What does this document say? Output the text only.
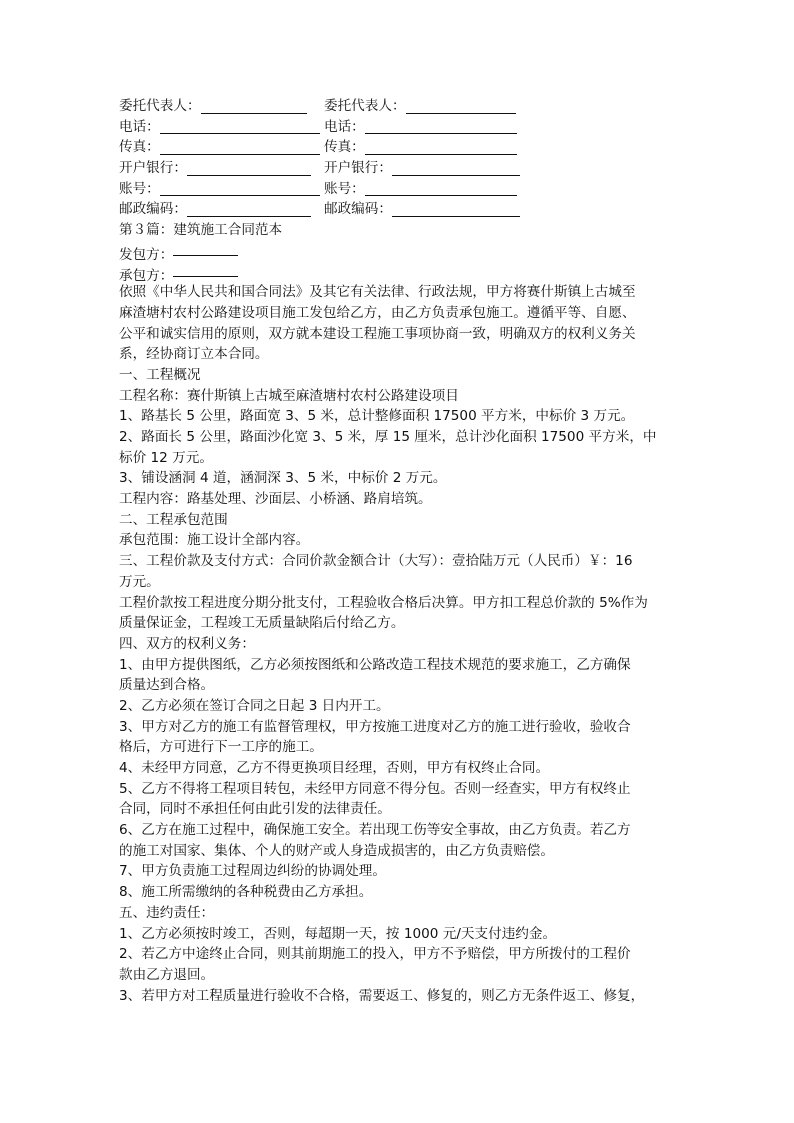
委托代表人：	委托代表人：
电话：	电话：
传真：	传真：
开户银行：	开户银行：
账号：	账号：
邮政编码：	邮政编码：
第３篇：建筑施工合同范本
发包方：
承包方：
依照《中华人民共和国合同法》及其它有关法律、行政法规，甲方将赛什斯镇上古城至
麻渣塘村农村公路建设项目施工发包给乙方，由乙方负责承包施工。遵循平等、自愿、
公平和诚实信用的原则，双方就本建设工程施工事项协商一致，明确双方的权利义务关
系，经协商订立本合同。
一、工程概况
工程名称：赛什斯镇上古城至麻渣塘村农村公路建设项目
1、路基长 5 公里，路面宽 3、5 米，总计整修面积 17500 平方米，中标价 3 万元。
2、路面长 5 公里，路面沙化宽 3、5 米，厚 15 厘米，总计沙化面积 17500 平方米，中
标价 12 万元。
3、铺设涵洞 4 道，涵洞深 3、5 米，中标价 2 万元。
工程内容：路基处理、沙面层、小桥涵、路肩培筑。
二、工程承包范围
承包范围：施工设计全部内容。
三、工程价款及支付方式：合同价款金额合计（大写）：壹拾陆万元（人民币）￥：16
万元。
工程价款按工程进度分期分批支付，工程验收合格后决算。甲方扣工程总价款的 5%作为
质量保证金，工程竣工无质量缺陷后付给乙方。
四、双方的权利义务：
1、由甲方提供图纸，乙方必须按图纸和公路改造工程技术规范的要求施工，乙方确保
质量达到合格。
2、乙方必须在签订合同之日起 3 日内开工。
3、甲方对乙方的施工有监督管理权，甲方按施工进度对乙方的施工进行验收，验收合
格后，方可进行下一工序的施工。
4、未经甲方同意，乙方不得更换项目经理，否则，甲方有权终止合同。
5、乙方不得将工程项目转包，未经甲方同意不得分包。否则一经查实，甲方有权终止
合同，同时不承担任何由此引发的法律责任。
6、乙方在施工过程中，确保施工安全。若出现工伤等安全事故，由乙方负责。若乙方
的施工对国家、集体、个人的财产或人身造成损害的，由乙方负责赔偿。
7、甲方负责施工过程周边纠纷的协调处理。
8、施工所需缴纳的各种税费由乙方承担。
五、违约责任：
1、乙方必须按时竣工，否则，每超期一天，按 1000 元/天支付违约金。
2、若乙方中途终止合同，则其前期施工的投入，甲方不予赔偿，甲方所拨付的工程价
款由乙方退回。
3、若甲方对工程质量进行验收不合格，需要返工、修复的，则乙方无条件返工、修复，
